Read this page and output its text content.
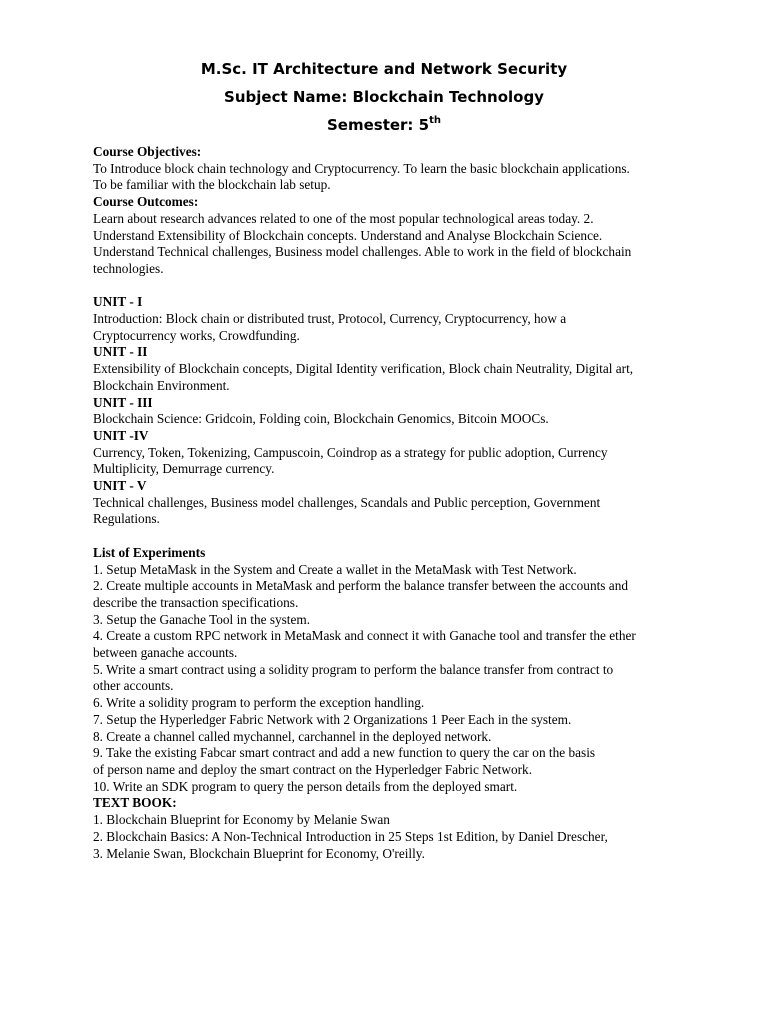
M.Sc. IT Architecture and Network Security
Subject Name: Blockchain Technology
Semester: 5th

Course Objectives:

To Introduce block chain technology and Cryptocurrency. To learn the basic blockchain applications.

To be familiar with the blockchain lab setup.

Course Outcomes:

Learn about research advances related to one of the most popular technological areas today. 2.

Understand Extensibility of Blockchain concepts. Understand and Analyse Blockchain Science.

Understand Technical challenges, Business model challenges. Able to work in the field of blockchain

technologies.

UNIT - I

Introduction: Block chain or distributed trust, Protocol, Currency, Cryptocurrency, how a

Cryptocurrency works, Crowdfunding.

UNIT - II

Extensibility of Blockchain concepts, Digital Identity verification, Block chain Neutrality, Digital art,

Blockchain Environment.

UNIT - III

Blockchain Science: Gridcoin, Folding coin, Blockchain Genomics, Bitcoin MOOCs.

UNIT -IV

Currency, Token, Tokenizing, Campuscoin, Coindrop as a strategy for public adoption, Currency

Multiplicity, Demurrage currency.

UNIT - V

Technical challenges, Business model challenges, Scandals and Public perception, Government

Regulations.

List of Experiments

1. Setup MetaMask in the System and Create a wallet in the MetaMask with Test Network.

2. Create multiple accounts in MetaMask and perform the balance transfer between the accounts and

describe the transaction specifications.

3. Setup the Ganache Tool in the system.

4. Create a custom RPC network in MetaMask and connect it with Ganache tool and transfer the ether

between ganache accounts.

5. Write a smart contract using a solidity program to perform the balance transfer from contract to

other accounts.

6. Write a solidity program to perform the exception handling.

7. Setup the Hyperledger Fabric Network with 2 Organizations 1 Peer Each in the system.

8. Create a channel called mychannel, carchannel in the deployed network.

9. Take the existing Fabcar smart contract and add a new function to query the car on the basis

of person name and deploy the smart contract on the Hyperledger Fabric Network.

10. Write an SDK program to query the person details from the deployed smart.

TEXT BOOK:

1. Blockchain Blueprint for Economy by Melanie Swan

2. Blockchain Basics: A Non-Technical Introduction in 25 Steps 1st Edition, by Daniel Drescher,

3. Melanie Swan, Blockchain Blueprint for Economy, O'reilly.
